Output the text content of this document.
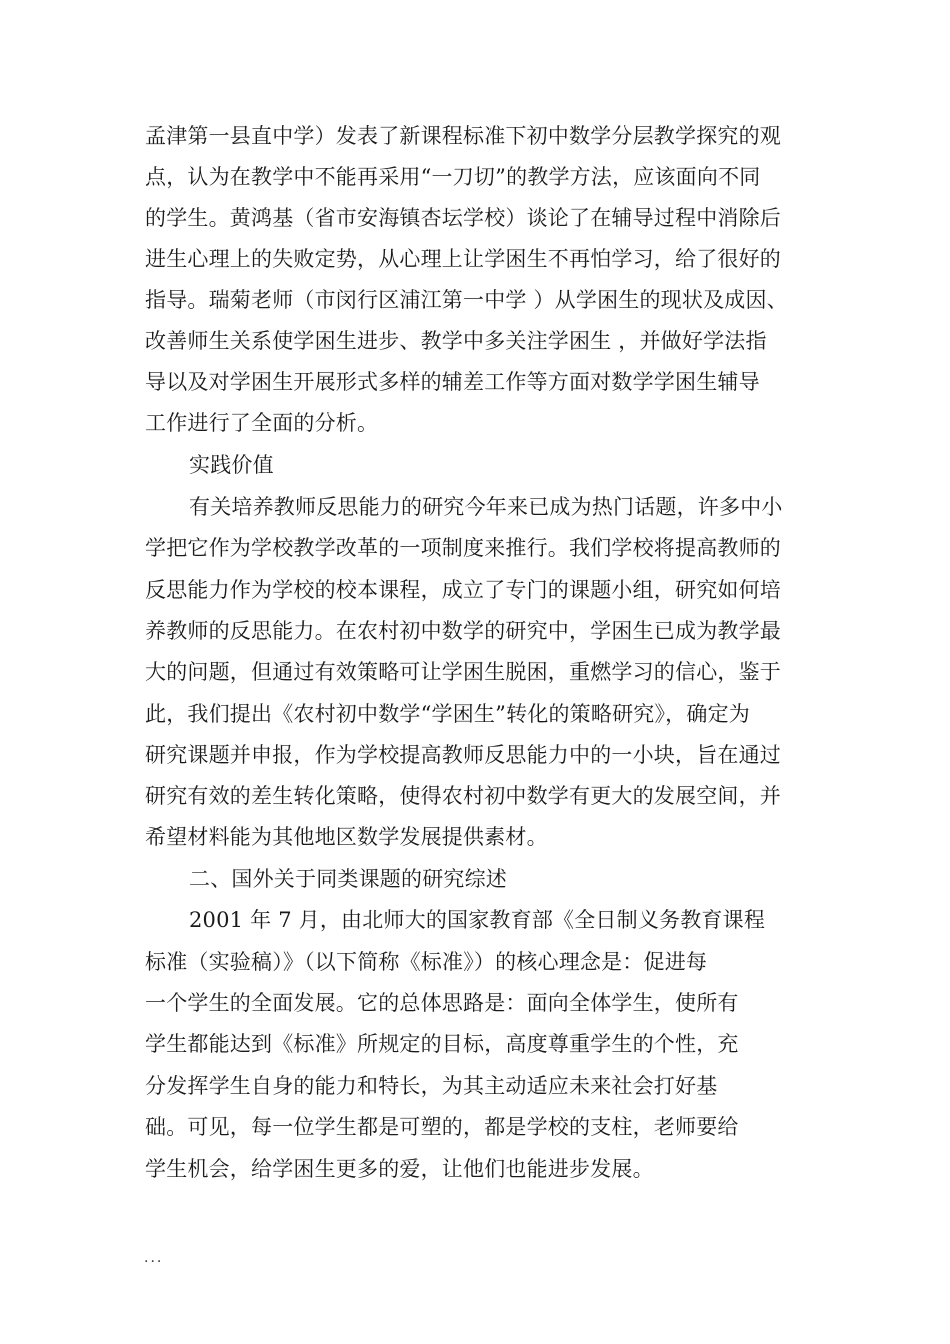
孟津第一县直中学）发表了新课程标准下初中数学分层教学探究的观
点，认为在教学中不能再采用“一刀切”的教学方法，应该面向不同
的学生。黄鸿基（省市安海镇杏坛学校）谈论了在辅导过程中消除后
进生心理上的失败定势，从心理上让学困生不再怕学习，给了很好的
指导。瑞菊老师（市闵行区浦江第一中学 ）从学困生的现状及成因、
改善师生关系使学困生进步、教学中多关注学困生 ，并做好学法指
导以及对学困生开展形式多样的辅差工作等方面对数学学困生辅导
工作进行了全面的分析。
实践价值
有关培养教师反思能力的研究今年来已成为热门话题，许多中小
学把它作为学校教学改革的一项制度来推行。我们学校将提高教师的
反思能力作为学校的校本课程，成立了专门的课题小组，研究如何培
养教师的反思能力。在农村初中数学的研究中，学困生已成为教学最
大的问题，但通过有效策略可让学困生脱困，重燃学习的信心，鉴于
此，我们提出《农村初中数学“学困生”转化的策略研究》，确定为
研究课题并申报，作为学校提高教师反思能力中的一小块，旨在通过
研究有效的差生转化策略，使得农村初中数学有更大的发展空间，并
希望材料能为其他地区数学发展提供素材。
二、国外关于同类课题的研究综述
2001 年 7 月，由北师大的国家教育部《全日制义务教育课程
标准（实验稿）》（以下简称《标准》）的核心理念是：促进每
一个学生的全面发展。它的总体思路是：面向全体学生，使所有
学生都能达到《标准》所规定的目标，高度尊重学生的个性，充
分发挥学生自身的能力和特长，为其主动适应未来社会打好基
础。可见，每一位学生都是可塑的，都是学校的支柱，老师要给
学生机会，给学困生更多的爱，让他们也能进步发展。
...
